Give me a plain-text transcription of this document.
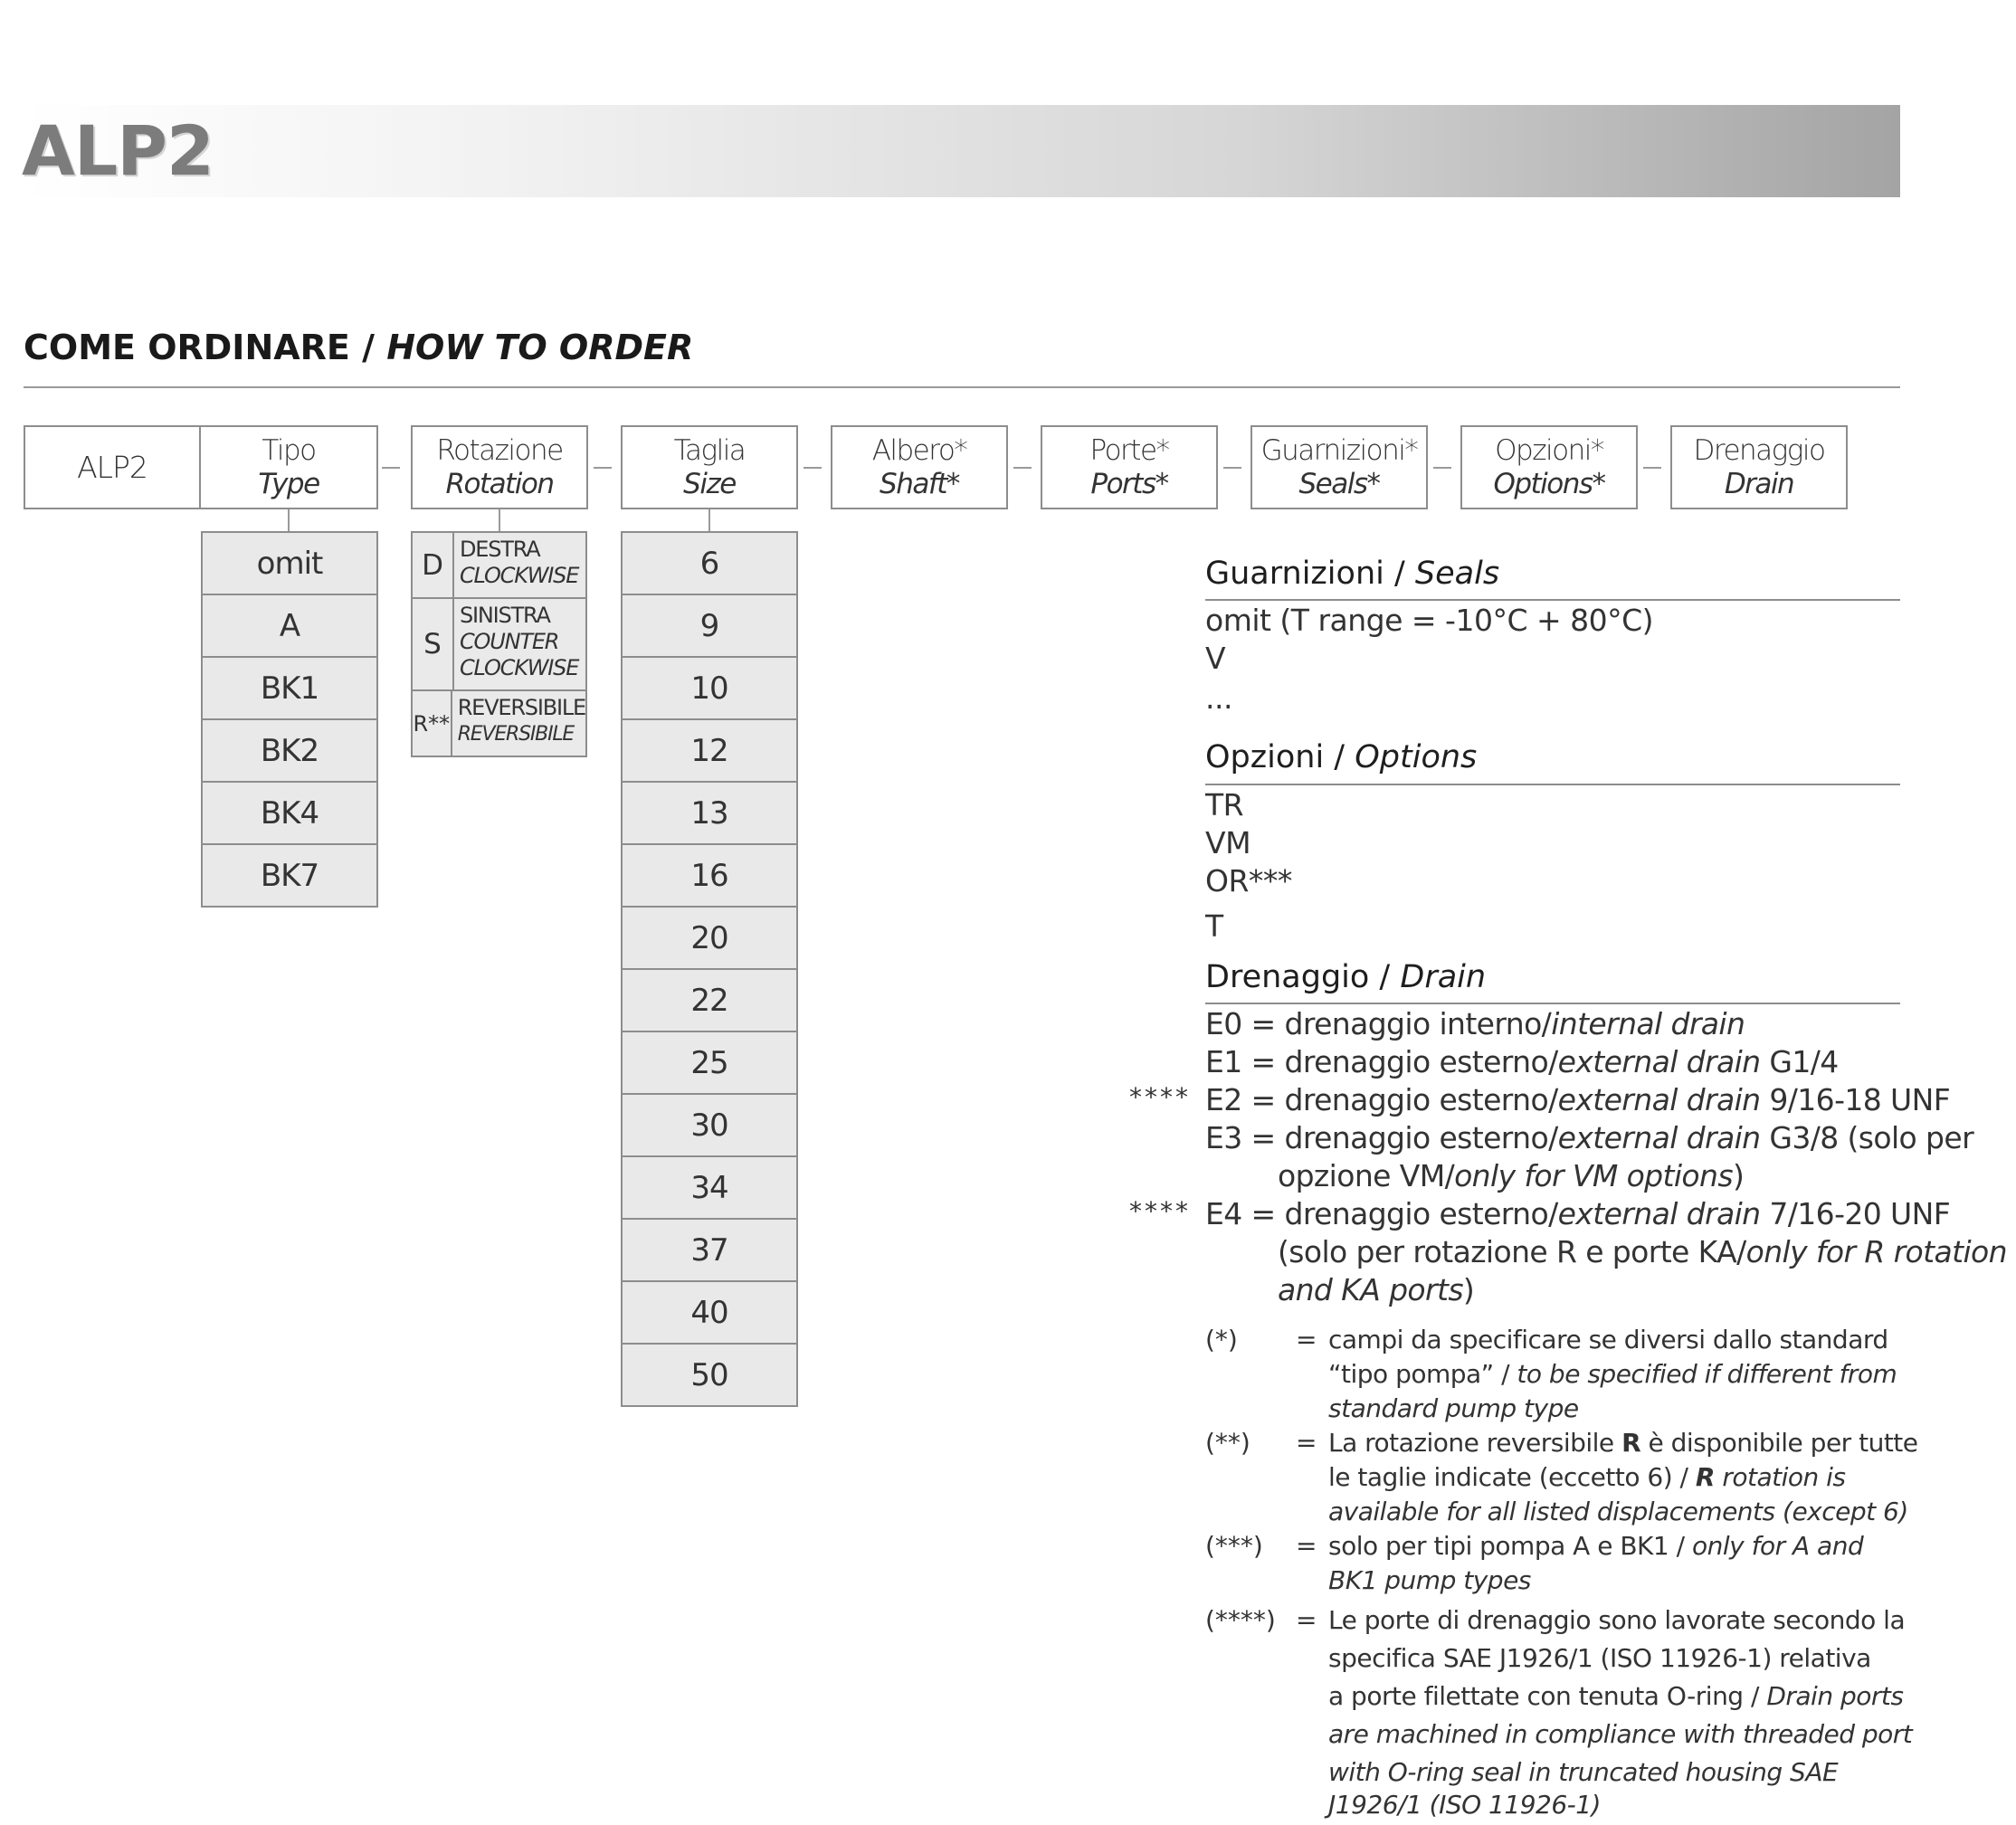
ALP2
COME ORDINARE / HOW TO ORDER
ALP2	Tipo
Type
Rotazione
Rotation
Taglia
Size
Albero*
Shaft*
Porte*
Ports*
Guarnizioni*
Seals*
Opzioni*
Options*
Drenaggio
Drain
omit
A
BK1
BK2
BK4
BK7
D DESTRA
CLOCKWISE
S
SINISTRA
COUNTER
CLOCKWISE
R**
REVERSIBILE
REVERSIBILE
6
9
10
12
13
16
20
22
25
30
34
37
40
50
Guarnizioni / Seals
omit (T range = -10°C + 80°C)
V
...
Opzioni / Options
TR
VM
OR***
T
Drenaggio / Drain
E0 = drenaggio interno/internal drain
E1 = drenaggio esterno/external drain G1/4
**** E2 = drenaggio esterno/external drain 9/16-18 UNF
E3 = drenaggio esterno/external drain G3/8 (solo per
opzione VM/only for VM options)
**** E4 = drenaggio esterno/external drain 7/16-20 UNF
(solo per rotazione R e porte KA/only for R rotation
and KA ports)
(*) = campi da specificare se diversi dallo standard
“tipo pompa” / to be specified if different from
standard pump type
(**) = La rotazione reversibile R è disponibile per tutte
le taglie indicate (eccetto 6) / R rotation is
available for all listed displacements (except 6)
(***) = solo per tipi pompa A e BK1 / only for A and
BK1 pump types
(****) = Le porte di drenaggio sono lavorate secondo la
specifica SAE J1926/1 (ISO 11926-1) relativa
a porte filettate con tenuta O-ring / Drain ports
are machined in compliance with threaded port
with O-ring seal in truncated housing SAE
J1926/1 (ISO 11926-1)
